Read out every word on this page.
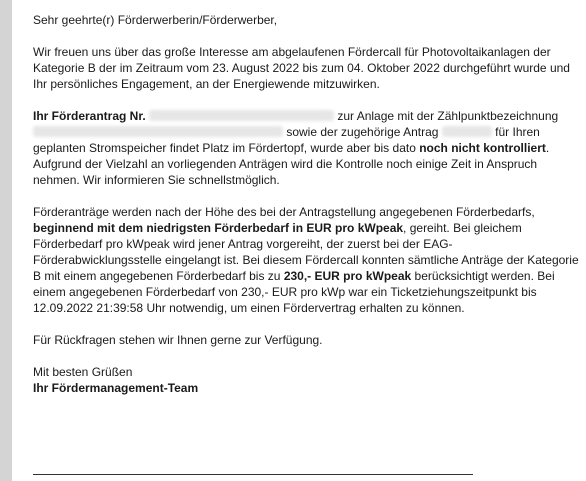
Sehr geehrte(r) Förderwerberin/Förderwerber,

Wir freuen uns über das große Interesse am abgelaufenen Fördercall für Photovoltaikanlagen der Kategorie B der im Zeitraum vom 23. August 2022 bis zum 04. Oktober 2022 durchgeführt wurde und Ihr persönliches Engagement, an der Energiewende mitzuwirken.

Ihr Förderantrag Nr.	zur Anlage mit der Zählpunktbezeichnung  sowie der zugehörige Antrag	für Ihren geplanten Stromspeicher findet Platz im Fördertopf, wurde aber bis dato noch nicht kontrolliert. Aufgrund der Vielzahl an vorliegenden Anträgen wird die Kontrolle noch einige Zeit in Anspruch nehmen. Wir informieren Sie schnellstmöglich.

Förderanträge werden nach der Höhe des bei der Antragstellung angegebenen Förderbedarfs, beginnend mit dem niedrigsten Förderbedarf in EUR pro kWpeak, gereiht. Bei gleichem Förderbedarf pro kWpeak wird jener Antrag vorgereiht, der zuerst bei der EAG-Förderabwicklungsstelle eingelangt ist. Bei diesem Fördercall konnten sämtliche Anträge der Kategorie B mit einem angegebenen Förderbedarf bis zu 230,- EUR pro kWpeak berücksichtigt werden. Bei einem angegebenen Förderbedarf von 230,- EUR pro kWp war ein Ticketziehungszeitpunkt bis 12.09.2022 21:39:58 Uhr notwendig, um einen Fördervertrag erhalten zu können.

Für Rückfragen stehen wir Ihnen gerne zur Verfügung.

Mit besten Grüßen

Ihr Fördermanagement-Team
